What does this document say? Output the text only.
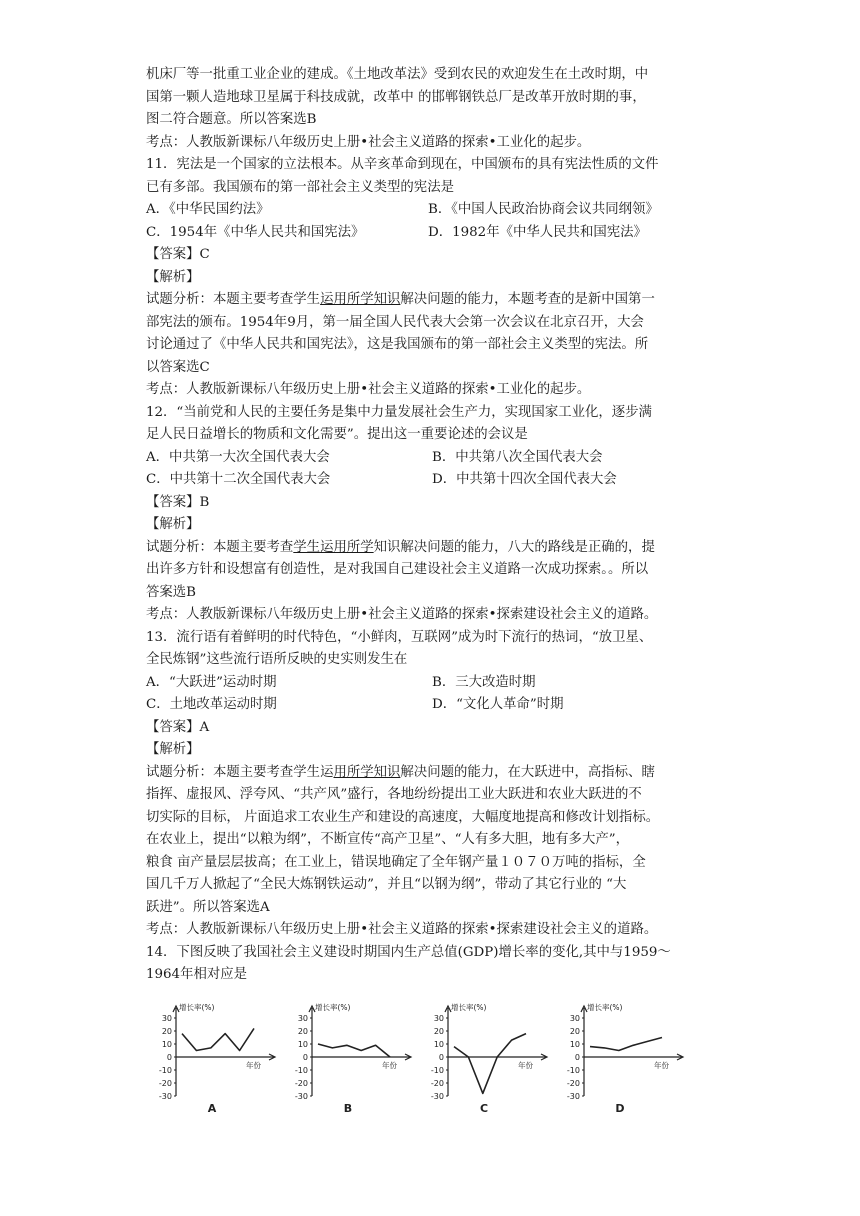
机床厂等一批重工业企业的建成。《土地改革法》受到农民的欢迎发生在土改时期，中

国第一颗人造地球卫星属于科技成就，改革中 的邯郸钢铁总厂是改革开放时期的事，

图二符合题意。所以答案选B

考点：人教版新课标八年级历史上册•社会主义道路的探索•工业化的起步。

11．宪法是一个国家的立法根本。从辛亥革命到现在，中国颁布的具有宪法性质的文件

已有多部。我国颁布的第一部社会主义类型的宪法是

A．《中华民国约法》	B．《中国人民政治协商会议共同纲领》
C．1954年《中华人民共和国宪法》	D．1982年《中华人民共和国宪法》

【答案】C

【解析】

试题分析：本题主要考查学生运用所学知识解决问题的能力，本题考查的是新中国第一

部宪法的颁布。1954年9月，第一届全国人民代表大会第一次会议在北京召开，大会

讨论通过了《中华人民共和国宪法》，这是我国颁布的第一部社会主义类型的宪法。所

以答案选C

考点：人教版新课标八年级历史上册•社会主义道路的探索•工业化的起步。

12．“当前党和人民的主要任务是集中力量发展社会生产力，实现国家工业化，逐步满

足人民日益增长的物质和文化需要”。提出这一重要论述的会议是

A．中共第一大次全国代表大会	B．中共第八次全国代表大会
C．中共第十二次全国代表大会	D．中共第十四次全国代表大会

【答案】B

【解析】

试题分析：本题主要考查学生运用所学知识解决问题的能力，八大的路线是正确的，提

出许多方针和设想富有创造性，是对我国自己建设社会主义道路一次成功探索。。所以

答案选B

考点：人教版新课标八年级历史上册•社会主义道路的探索•探索建设社会主义的道路。

13．流行语有着鲜明的时代特色，“小鲜肉，互联网”成为时下流行的热词，“放卫星、

全民炼钢”这些流行语所反映的史实则发生在

A．“大跃进”运动时期	B．三大改造时期
C．土地改革运动时期	D．“文化人革命”时期

【答案】A

【解析】

试题分析：本题主要考查学生运用所学知识解决问题的能力，在大跃进中，高指标、瞎

指挥、虚报风、浮夸风、“共产风”盛行，各地纷纷提出工业大跃进和农业大跃进的不

切实际的目标， 片面追求工农业生产和建设的高速度，大幅度地提高和修改计划指标。

在农业上，提出“以粮为纲”，不断宣传“高产卫星”、“人有多大胆，地有多大产”，

粮食 亩产量层层拔高；在工业上，错误地确定了全年钢产量１０７０万吨的指标，全

国几千万人掀起了“全民大炼钢铁运动”，并且“以钢为纲”，带动了其它行业的 “大

跃进”。所以答案选A

考点：人教版新课标八年级历史上册•社会主义道路的探索•探索建设社会主义的道路。

14．下图反映了我国社会主义建设时期国内生产总值(GDP)增长率的变化,其中与1959～

1964年相对应是

增长率(%)
年份
30
20
10
0
-10
-20
-30
A
增长率(%)
年份
30
20
10
0
-10
-20
-30
B
增长率(%)
年份
30
20
10
0
-10
-20
-30
C
增长率(%)
年份
30
20
10
0
-10
-20
-30
D
